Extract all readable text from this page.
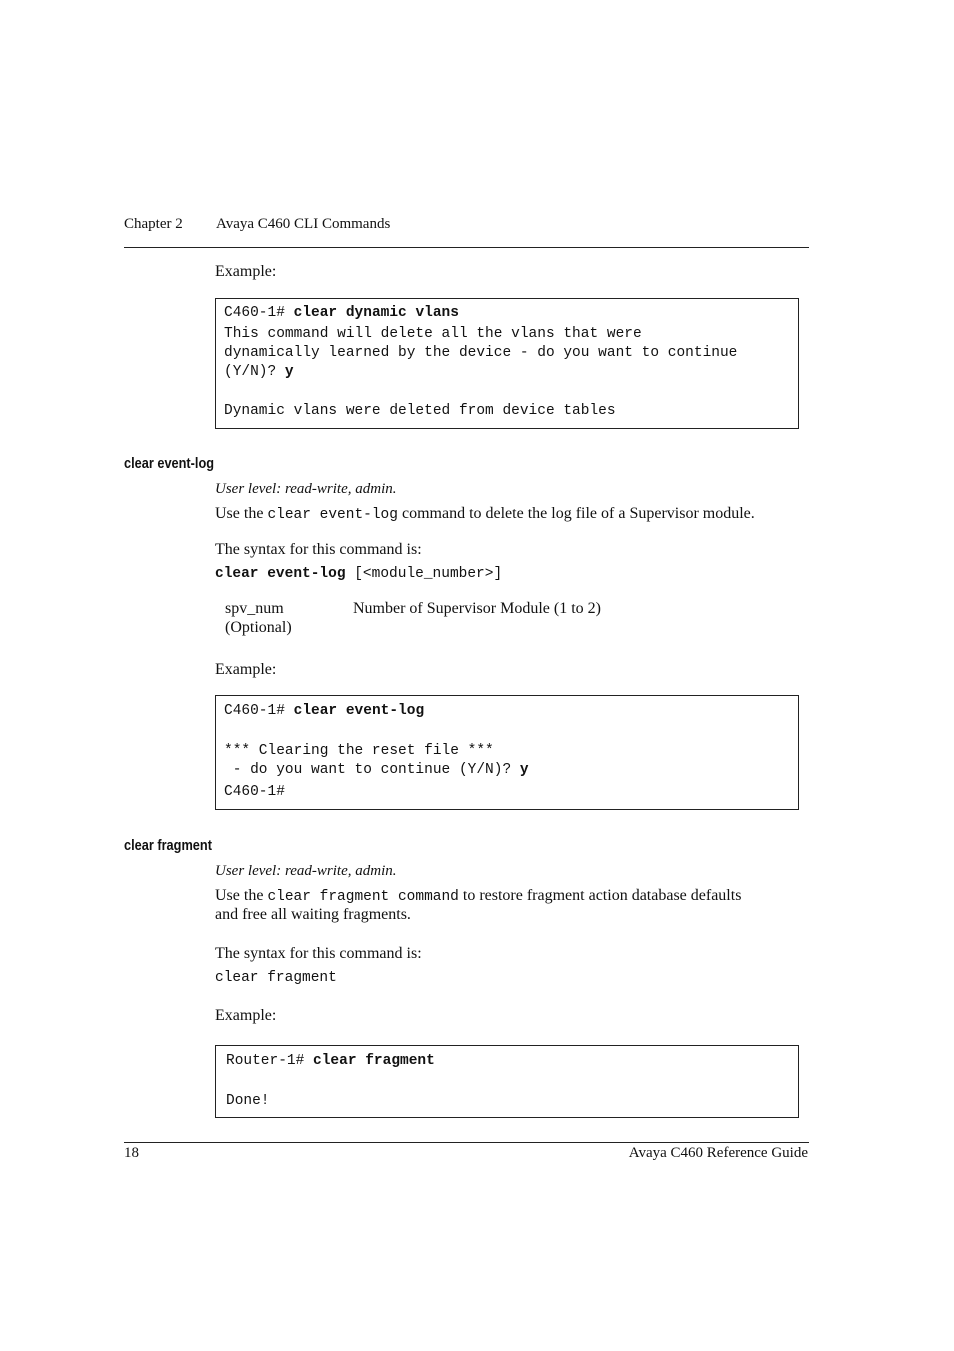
Chapter 2 Avaya C460 CLI Commands
Example:
C460-1# clear dynamic vlans
This command will delete all the vlans that were
dynamically learned by the device - do you want to continue
(Y/N)? y
Dynamic vlans were deleted from device tables
clear event-log
User level: read-write, admin.
Use the clear event-log command to delete the log file of a Supervisor module.
The syntax for this command is:
clear event-log [<module_number>]
spv_num
(Optional)
Number of Supervisor Module (1 to 2)
Example:
C460-1# clear event-log
*** Clearing the reset file ***
- do you want to continue (Y/N)? y
C460-1#
clear fragment
User level: read-write, admin.
Use the clear fragment command to restore fragment action database defaults
and free all waiting fragments.
The syntax for this command is:
clear fragment
Example:
Router-1# clear fragment
Done!
18	Avaya C460 Reference Guide
